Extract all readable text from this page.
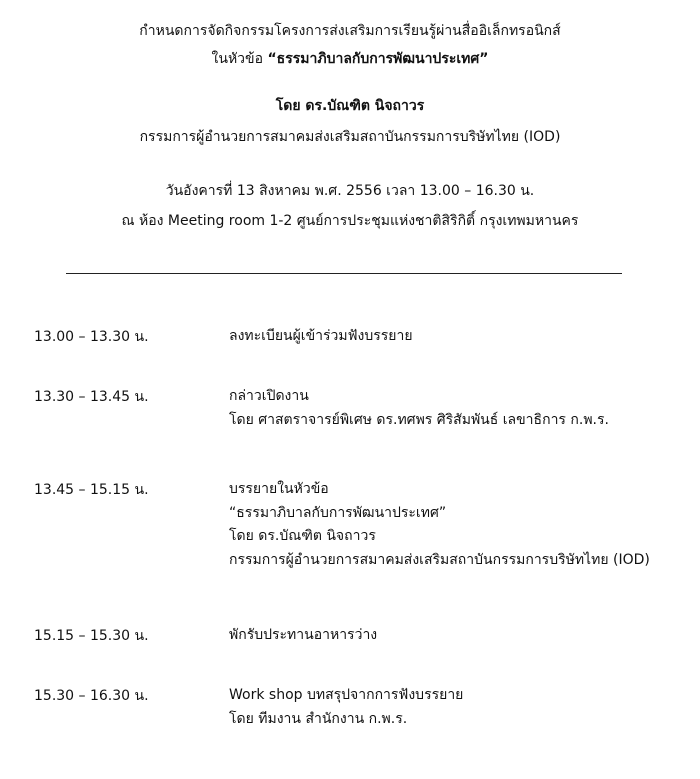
กำหนดการจัดกิจกรรมโครงการส่งเสริมการเรียนรู้ผ่านสื่ออิเล็กทรอนิกส์
ในหัวข้อ “ธรรมาภิบาลกับการพัฒนาประเทศ”
โดย ดร.บัณฑิต นิจถาวร
กรรมการผู้อำนวยการสมาคมส่งเสริมสถาบันกรรมการบริษัทไทย (IOD)
วันอังคารที่ 13 สิงหาคม พ.ศ. 2556 เวลา 13.00 – 16.30 น.
ณ ห้อง Meeting room 1-2 ศูนย์การประชุมแห่งชาติสิริกิติ์ กรุงเทพมหานคร
13.00 – 13.30 น.	ลงทะเบียนผู้เข้าร่วมฟังบรรยาย
13.30 – 13.45 น.	กล่าวเปิดงาน
โดย ศาสตราจารย์พิเศษ ดร.ทศพร ศิริสัมพันธ์ เลขาธิการ ก.พ.ร.
13.45 – 15.15 น.	บรรยายในหัวข้อ
“ธรรมาภิบาลกับการพัฒนาประเทศ”
โดย ดร.บัณฑิต นิจถาวร
กรรมการผู้อำนวยการสมาคมส่งเสริมสถาบันกรรมการบริษัทไทย (IOD)
15.15 – 15.30 น.	พักรับประทานอาหารว่าง
15.30 – 16.30 น.	Work shop บทสรุปจากการฟังบรรยาย
โดย ทีมงาน สำนักงาน ก.พ.ร.
